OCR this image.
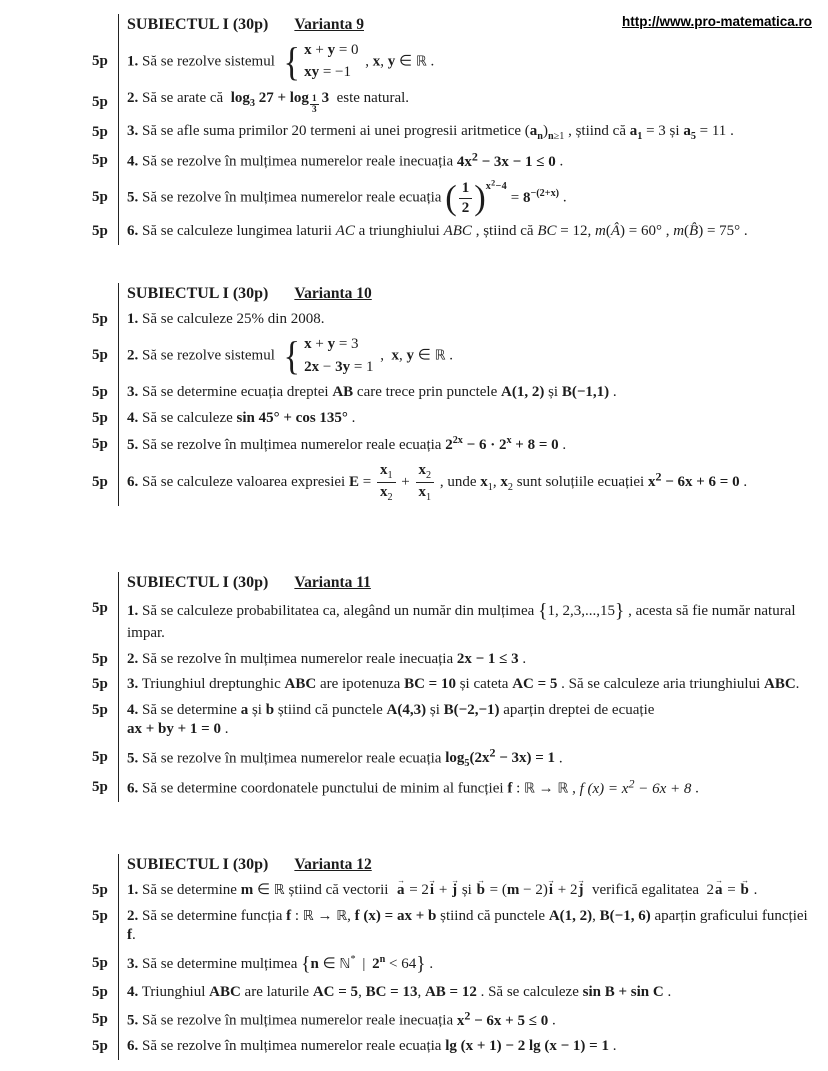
http://www.pro-matematica.ro
SUBIECTUL I (30p) Varianta 9
5p	1. Să se rezolve sistemul { x + y = 0
xy = −1
, x, y ∈ ℝ .
5p	2. Să se arate că  $\log_3 27 + \log \frac{1}{3} 3$  este natural.
5p	3. Să se afle suma primilor 20 termeni ai unei progresii aritmetice $(a_n)_{n\ge 1}$ , știind că $a_1 = 3$ și $a_5 = 11$ .
5p	4. Să se rezolve în mulțimea numerelor reale inecuația $4x^2 - 3x - 1 \le 0$ .
5p	5. Să se rezolve în mulțimea numerelor reale ecuația ( $\frac{1}{2} )^{x^2-4} = 8^{-(2+x)}$ .
5p	6. Să se calculeze lungimea laturii AC a triunghiului ABC , știind că BC = 12, m(Â) = 60° , m(B̂) = 75° .
SUBIECTUL I (30p) Varianta 10
5p	1. Să se calculeze 25% din 2008.
5p	2. Să se rezolve sistemul { x + y = 3
2x − 3y = 1
,  x, y ∈ ℝ .
5p	3. Să se determine ecuația dreptei AB care trece prin punctele A(1, 2) și B(−1,1) .
5p	4. Să se calculeze sin 45° + cos 135° .
5p	5. Să se rezolve în mulțimea numerelor reale ecuația $2^{2x} - 6 \cdot 2^x + 8 = 0$ .
5p	6. Să se calculeze valoarea expresiei $E = \frac{x_1}{x_2} + \frac{x_2}{x_1}$ , unde $x_1$, $x_2$ sunt soluțiile ecuației $x^2 - 6x + 6 = 0$ .
SUBIECTUL I (30p) Varianta 11
5p	1. Să se calculeze probabilitatea ca, alegând un număr din mulțimea {1, 2,3,...,15} , acesta să fie număr natural impar.
5p	2. Să se rezolve în mulțimea numerelor reale inecuația 2x − 1 ≤ 3 .
5p	3. Triunghiul dreptunghic ABC are ipotenuza BC = 10 și cateta AC = 5 . Să se calculeze aria triunghiului ABC.
5p	4. Să se determine a și b știind că punctele A(4,3) și B(−2,−1) aparțin dreptei de ecuație
ax + by + 1 = 0 .
5p	5. Să se rezolve în mulțimea numerelor reale ecuația $\log_5(2x^2 - 3x) = 1$ .
5p	6. Să se determine coordonatele punctului de minim al funcției f : ℝ → ℝ , f $(x) = x^2 - 6x + 8$ .
SUBIECTUL I (30p) Varianta 12
5p	1. Să se determine m ∈ ℝ știind că vectorii  a → = 2i → + j → și b → = (m − 2)i → + 2j →  verifică egalitatea  2a → = b → .
5p	2. Să se determine funcția f : ℝ → ℝ, f (x) = ax + b știind că punctele A(1, 2), B(−1, 6) aparțin graficului funcției f.
5p	3. Să se determine mulțimea {n ∈ ℕ* | $2^n < 64$} .
5p	4. Triunghiul ABC are laturile AC = 5, BC = 13, AB = 12 . Să se calculeze sin B + sin C .
5p	5. Să se rezolve în mulțimea numerelor reale inecuația $x^2 - 6x + 5 \le 0$ .
5p	6. Să se rezolve în mulțimea numerelor reale ecuația lg (x + 1) − 2 lg (x − 1) = 1 .
